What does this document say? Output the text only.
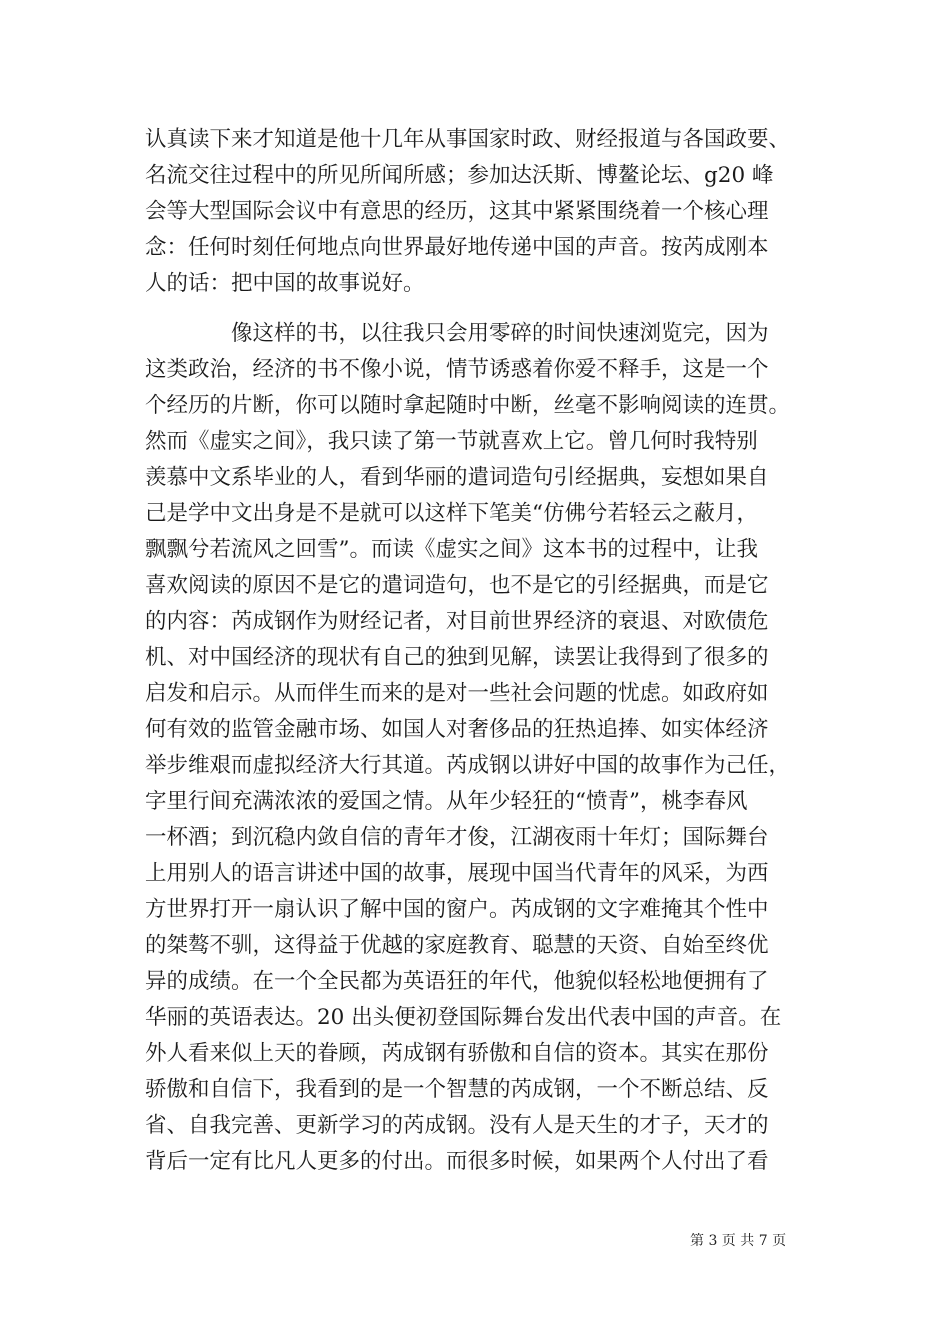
认真读下来才知道是他十几年从事国家时政、财经报道与各国政要、
名流交往过程中的所见所闻所感；参加达沃斯、博鳌论坛、g20 峰
会等大型国际会议中有意思的经历，这其中紧紧围绕着一个核心理
念：任何时刻任何地点向世界最好地传递中国的声音。按芮成刚本
人的话：把中国的故事说好。
　　　　像这样的书，以往我只会用零碎的时间快速浏览完，因为
这类政治，经济的书不像小说，情节诱惑着你爱不释手，这是一个
个经历的片断，你可以随时拿起随时中断，丝毫不影响阅读的连贯。
然而《虚实之间》，我只读了第一节就喜欢上它。曾几何时我特别
羡慕中文系毕业的人，看到华丽的遣词造句引经据典，妄想如果自
己是学中文出身是不是就可以这样下笔美“仿佛兮若轻云之蔽月，
飘飘兮若流风之回雪”。而读《虚实之间》这本书的过程中，让我
喜欢阅读的原因不是它的遣词造句，也不是它的引经据典，而是它
的内容：芮成钢作为财经记者，对目前世界经济的衰退、对欧债危
机、对中国经济的现状有自己的独到见解，读罢让我得到了很多的
启发和启示。从而伴生而来的是对一些社会问题的忧虑。如政府如
何有效的监管金融市场、如国人对奢侈品的狂热追捧、如实体经济
举步维艰而虚拟经济大行其道。芮成钢以讲好中国的故事作为己任，
字里行间充满浓浓的爱国之情。从年少轻狂的“愤青”，桃李春风
一杯酒；到沉稳内敛自信的青年才俊，江湖夜雨十年灯；国际舞台
上用别人的语言讲述中国的故事，展现中国当代青年的风采，为西
方世界打开一扇认识了解中国的窗户。芮成钢的文字难掩其个性中
的桀骜不驯，这得益于优越的家庭教育、聪慧的天资、自始至终优
异的成绩。在一个全民都为英语狂的年代，他貌似轻松地便拥有了
华丽的英语表达。20 出头便初登国际舞台发出代表中国的声音。在
外人看来似上天的眷顾，芮成钢有骄傲和自信的资本。其实在那份
骄傲和自信下，我看到的是一个智慧的芮成钢，一个不断总结、反
省、自我完善、更新学习的芮成钢。没有人是天生的才子，天才的
背后一定有比凡人更多的付出。而很多时候，如果两个人付出了看
第 3 页 共 7 页
